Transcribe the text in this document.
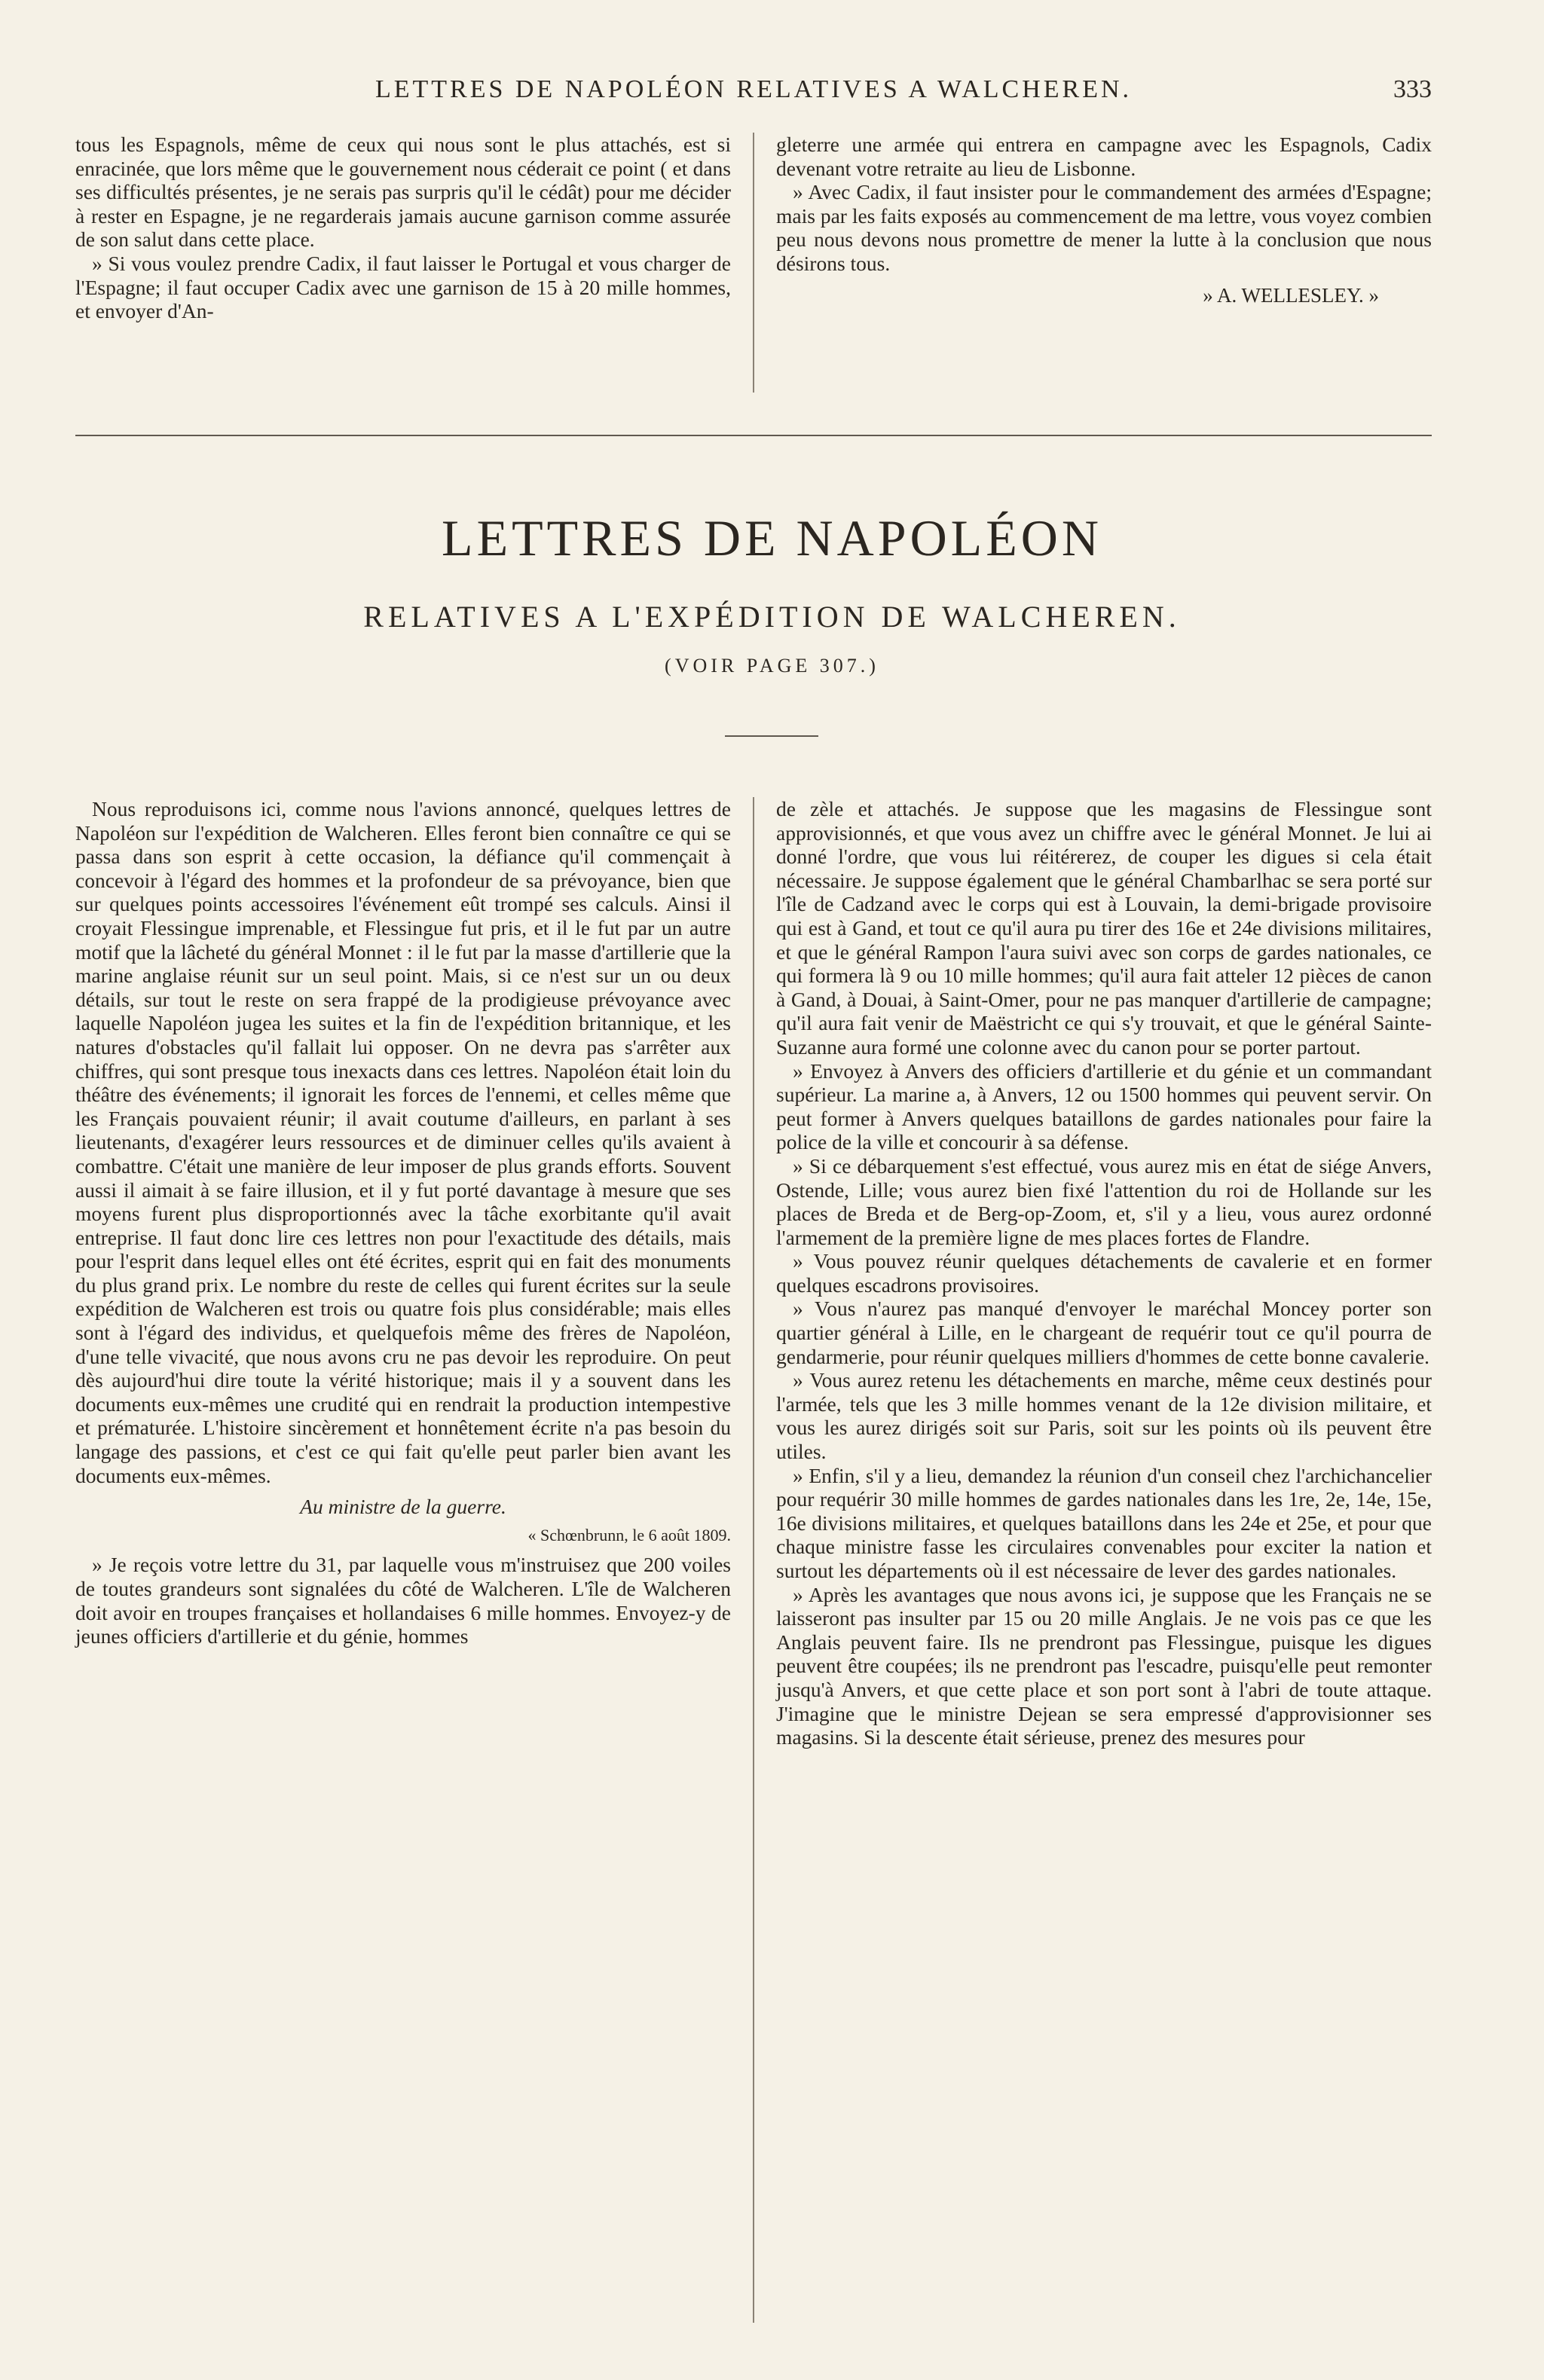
LETTRES DE NAPOLÉON RELATIVES A WALCHEREN.	333

tous les Espagnols, même de ceux qui nous sont le plus attachés, est si enracinée, que lors même que le gouvernement nous céderait ce point ( et dans ses difficultés présentes, je ne serais pas surpris qu'il le cédât) pour me décider à rester en Espagne, je ne regarderais jamais aucune garnison comme assurée de son salut dans cette place.

» Si vous voulez prendre Cadix, il faut laisser le Portugal et vous charger de l'Espagne; il faut occuper Cadix avec une garnison de 15 à 20 mille hommes, et envoyer d'An-

gleterre une armée qui entrera en campagne avec les Espagnols, Cadix devenant votre retraite au lieu de Lisbonne.

» Avec Cadix, il faut insister pour le commandement des armées d'Espagne; mais par les faits exposés au commencement de ma lettre, vous voyez combien peu nous devons nous promettre de mener la lutte à la conclusion que nous désirons tous.

» A. WELLESLEY. »
LETTRES DE NAPOLÉON
RELATIVES A L'EXPÉDITION DE WALCHEREN.
(VOIR PAGE 307.)

Nous reproduisons ici, comme nous l'avions annoncé, quelques lettres de Napoléon sur l'expédition de Walcheren. Elles feront bien connaître ce qui se passa dans son esprit à cette occasion, la défiance qu'il commençait à concevoir à l'égard des hommes et la profondeur de sa prévoyance, bien que sur quelques points accessoires l'événement eût trompé ses calculs. Ainsi il croyait Flessingue imprenable, et Flessingue fut pris, et il le fut par un autre motif que la lâcheté du général Monnet : il le fut par la masse d'artillerie que la marine anglaise réunit sur un seul point. Mais, si ce n'est sur un ou deux détails, sur tout le reste on sera frappé de la prodigieuse prévoyance avec laquelle Napoléon jugea les suites et la fin de l'expédition britannique, et les natures d'obstacles qu'il fallait lui opposer. On ne devra pas s'arrêter aux chiffres, qui sont presque tous inexacts dans ces lettres. Napoléon était loin du théâtre des événements; il ignorait les forces de l'ennemi, et celles même que les Français pouvaient réunir; il avait coutume d'ailleurs, en parlant à ses lieutenants, d'exagérer leurs ressources et de diminuer celles qu'ils avaient à combattre. C'était une manière de leur imposer de plus grands efforts. Souvent aussi il aimait à se faire illusion, et il y fut porté davantage à mesure que ses moyens furent plus disproportionnés avec la tâche exorbitante qu'il avait entreprise. Il faut donc lire ces lettres non pour l'exactitude des détails, mais pour l'esprit dans lequel elles ont été écrites, esprit qui en fait des monuments du plus grand prix. Le nombre du reste de celles qui furent écrites sur la seule expédition de Walcheren est trois ou quatre fois plus considérable; mais elles sont à l'égard des individus, et quelquefois même des frères de Napoléon, d'une telle vivacité, que nous avons cru ne pas devoir les reproduire. On peut dès aujourd'hui dire toute la vérité historique; mais il y a souvent dans les documents eux-mêmes une crudité qui en rendrait la production intempestive et prématurée. L'histoire sincèrement et honnêtement écrite n'a pas besoin du langage des passions, et c'est ce qui fait qu'elle peut parler bien avant les documents eux-mêmes.

Au ministre de la guerre.

« Schœnbrunn, le 6 août 1809.

» Je reçois votre lettre du 31, par laquelle vous m'instruisez que 200 voiles de toutes grandeurs sont signalées du côté de Walcheren. L'île de Walcheren doit avoir en troupes françaises et hollandaises 6 mille hommes. Envoyez-y de jeunes officiers d'artillerie et du génie, hommes

de zèle et attachés. Je suppose que les magasins de Flessingue sont approvisionnés, et que vous avez un chiffre avec le général Monnet. Je lui ai donné l'ordre, que vous lui réitérerez, de couper les digues si cela était nécessaire. Je suppose également que le général Chambarlhac se sera porté sur l'île de Cadzand avec le corps qui est à Louvain, la demi-brigade provisoire qui est à Gand, et tout ce qu'il aura pu tirer des 16e et 24e divisions militaires, et que le général Rampon l'aura suivi avec son corps de gardes nationales, ce qui formera là 9 ou 10 mille hommes; qu'il aura fait atteler 12 pièces de canon à Gand, à Douai, à Saint-Omer, pour ne pas manquer d'artillerie de campagne; qu'il aura fait venir de Maëstricht ce qui s'y trouvait, et que le général Sainte-Suzanne aura formé une colonne avec du canon pour se porter partout.

» Envoyez à Anvers des officiers d'artillerie et du génie et un commandant supérieur. La marine a, à Anvers, 12 ou 1500 hommes qui peuvent servir. On peut former à Anvers quelques bataillons de gardes nationales pour faire la police de la ville et concourir à sa défense.

» Si ce débarquement s'est effectué, vous aurez mis en état de siége Anvers, Ostende, Lille; vous aurez bien fixé l'attention du roi de Hollande sur les places de Breda et de Berg-op-Zoom, et, s'il y a lieu, vous aurez ordonné l'armement de la première ligne de mes places fortes de Flandre.

» Vous pouvez réunir quelques détachements de cavalerie et en former quelques escadrons provisoires.

» Vous n'aurez pas manqué d'envoyer le maréchal Moncey porter son quartier général à Lille, en le chargeant de requérir tout ce qu'il pourra de gendarmerie, pour réunir quelques milliers d'hommes de cette bonne cavalerie.

» Vous aurez retenu les détachements en marche, même ceux destinés pour l'armée, tels que les 3 mille hommes venant de la 12e division militaire, et vous les aurez dirigés soit sur Paris, soit sur les points où ils peuvent être utiles.

» Enfin, s'il y a lieu, demandez la réunion d'un conseil chez l'archichancelier pour requérir 30 mille hommes de gardes nationales dans les 1re, 2e, 14e, 15e, 16e divisions militaires, et quelques bataillons dans les 24e et 25e, et pour que chaque ministre fasse les circulaires convenables pour exciter la nation et surtout les départements où il est nécessaire de lever des gardes nationales.

» Après les avantages que nous avons ici, je suppose que les Français ne se laisseront pas insulter par 15 ou 20 mille Anglais. Je ne vois pas ce que les Anglais peuvent faire. Ils ne prendront pas Flessingue, puisque les digues peuvent être coupées; ils ne prendront pas l'escadre, puisqu'elle peut remonter jusqu'à Anvers, et que cette place et son port sont à l'abri de toute attaque. J'imagine que le ministre Dejean se sera empressé d'approvisionner ses magasins. Si la descente était sérieuse, prenez des mesures pour
